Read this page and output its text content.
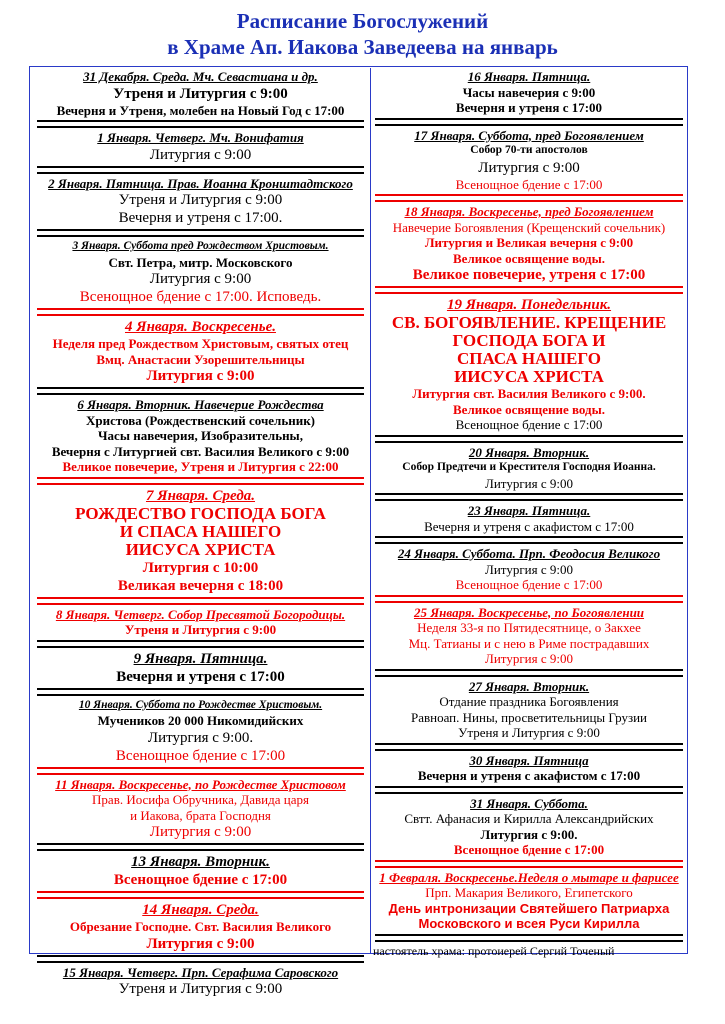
Расписание Богослужений
в Храме Ап. Иакова Заведеева на январь
31 Декабря. Среда. Мч. Севастиана и др.
Утреня и Литургия с 9:00
Вечерня и Утреня, молебен на Новый Год с 17:00
1 Января. Четверг. Мч. Вонифатия
Литургия с 9:00
2 Января. Пятница. Прав. Иоанна Кронштадтского
Утреня и Литургия с 9:00
Вечерня и утреня с 17:00.
3 Января. Суббота пред Рождеством Христовым.
Свт. Петра, митр. Московского
Литургия с 9:00
Всенощное бдение с 17:00. Исповедь.
4 Января. Воскресенье.
Неделя пред Рождеством Христовым, святых отец
Вмц. Анастасии Узорешительницы
Литургия с 9:00
6 Января. Вторник. Навечерие Рождества
Христова (Рождественский сочельник)
Часы навечерия, Изобразительны,
Вечерня с Литургией свт. Василия Великого с 9:00
Великое повечерие, Утреня и Литургия с 22:00
7 Января. Среда.
РОЖДЕСТВО ГОСПОДА БОГА
И СПАСА НАШЕГО
ИИСУСА ХРИСТА
Литургия с 10:00
Великая вечерня с 18:00
8 Января. Четверг. Собор Пресвятой Богородицы.
Утреня и Литургия с 9:00
9 Января. Пятница.
Вечерня и утреня с 17:00
10 Января. Суббота по Рождестве Христовым.
Мучеников 20 000 Никомидийских
Литургия с 9:00.
Всенощное бдение с 17:00
11 Января. Воскресенье, по Рождестве Христовом
Прав. Иосифа Обручника, Давида царя
и Иакова, брата Господня
Литургия с 9:00
13 Января. Вторник.
Всенощное бдение с 17:00
14 Января. Среда.
Обрезание Господне. Свт. Василия Великого
Литургия с 9:00
15 Января. Четверг. Прп. Серафима Саровского
Утреня и Литургия с 9:00
16 Января. Пятница.
Часы навечерия с 9:00
Вечерня и утреня с 17:00
17 Января. Суббота, пред Богоявлением
Собор 70-ти апостолов
Литургия с 9:00
Всенощное бдение с 17:00
18 Января. Воскресенье, пред Богоявлением
Навечерие Богоявления (Крещенский сочельник)
Литургия и Великая вечерня с 9:00
Великое освящение воды.
Великое повечерие, утреня с 17:00
19 Января. Понедельник.
СВ. БОГОЯВЛЕНИЕ. КРЕЩЕНИЕ
ГОСПОДА БОГА И
СПАСА НАШЕГО
ИИСУСА ХРИСТА
Литургия свт. Василия Великого с 9:00.
Великое освящение воды.
Всенощное бдение с 17:00
20 Января. Вторник.
Собор Предтечи и Крестителя Господня Иоанна.
Литургия с 9:00
23 Января. Пятница.
Вечерня и утреня с акафистом с 17:00
24 Января. Суббота. Прп. Феодосия Великого
Литургия с 9:00
Всенощное бдение с 17:00
25 Января. Воскресенье, по Богоявлении
Неделя 33-я по Пятидесятнице, о Закхее
Мц. Татианы и с нею в Риме пострадавших
Литургия с 9:00
27 Января. Вторник.
Отдание праздника Богоявления
Равноап. Нины, просветительницы Грузии
Утреня и Литургия с 9:00
30 Января. Пятница
Вечерня и утреня с акафистом с 17:00
31 Января. Суббота.
Свтт. Афанасия и Кирилла Александрийских
Литургия с 9:00.
Всенощное бдение с 17:00
1 Февраля. Воскресенье.Неделя о мытаре и фарисее
Прп. Макария Великого, Египетского
День интронизации Святейшего Патриарха
Московского и всея Руси Кирилла
настоятель храма: протоиерей Сергий Точеный
